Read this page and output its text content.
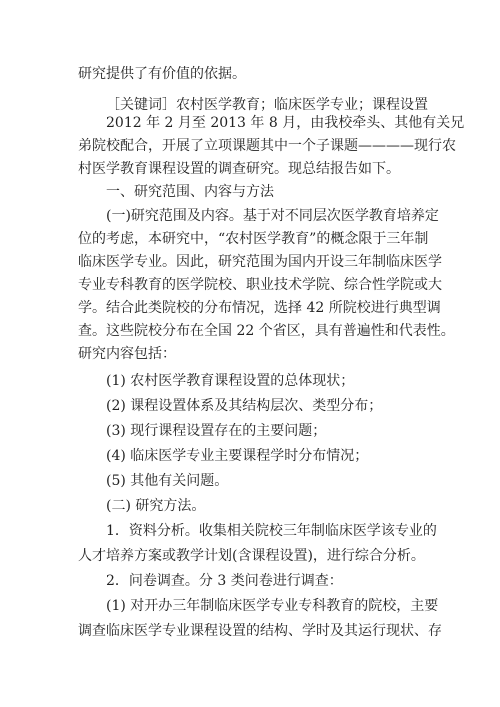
研究提供了有价值的依据。
［关键词］农村医学教育；临床医学专业；课程设置
2012 年 2 月至 2013 年 8 月，由我校牵头、其他有关兄
弟院校配合，开展了立项课题其中一个子课题————现行农
村医学教育课程设置的调查研究。现总结报告如下。
一、研究范围、内容与方法
(一)研究范围及内容。基于对不同层次医学教育培养定
位的考虑，本研究中，“农村医学教育”的概念限于三年制
临床医学专业。因此，研究范围为国内开设三年制临床医学
专业专科教育的医学院校、职业技术学院、综合性学院或大
学。结合此类院校的分布情况，选择 42 所院校进行典型调
查。这些院校分布在全国 22 个省区，具有普遍性和代表性。
研究内容包括：
(1) 农村医学教育课程设置的总体现状；
(2) 课程设置体系及其结构层次、类型分布；
(3) 现行课程设置存在的主要问题；
(4) 临床医学专业主要课程学时分布情况；
(5) 其他有关问题。
(二) 研究方法。
1．资料分析。收集相关院校三年制临床医学该专业的
人才培养方案或教学计划(含课程设置)，进行综合分析。
2．问卷调查。分 3 类问卷进行调查：
(1) 对开办三年制临床医学专业专科教育的院校，主要
调查临床医学专业课程设置的结构、学时及其运行现状、存
